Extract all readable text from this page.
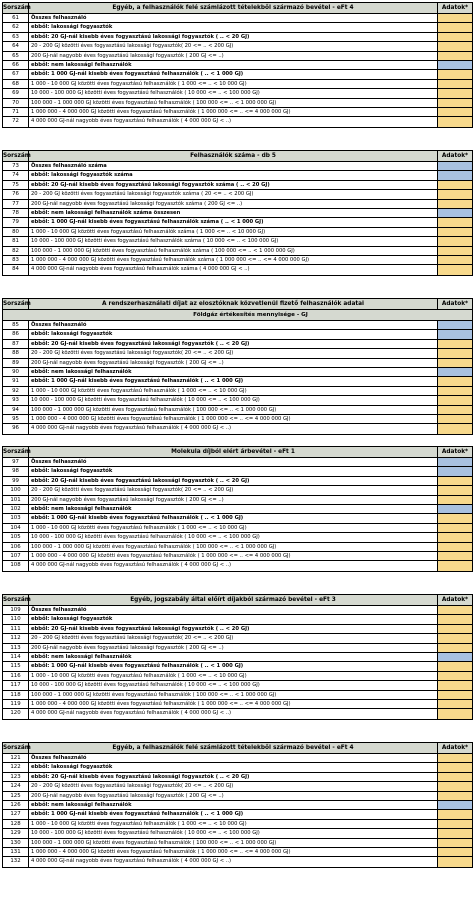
Sorszám	Egyéb, a felhasználók felé számlázott tételekből származó bevétel - eFt 4	Adatok*
61	Összes felhasználó
62	ebből: lakossági fogyasztók
63	ebből: 20 GJ-nál kisebb éves fogyasztású lakossági fogyasztók ( .. < 20 GJ)
64	20 - 200 GJ közötti éves fogyasztású lakossági fogyasztók( 20 <= .. < 200 GJ)
65	200 GJ-nál nagyobb éves fogyasztású lakossági fogyasztók ( 200 GJ <= ..)
66	ebből: nem lakossági felhasználók
67	ebből: 1 000 GJ-nál kisebb éves fogyasztású felhasználók ( .. < 1 000 GJ)
68	1 000 - 10 000 GJ közötti éves fogyasztású felhasználók ( 1 000 <= .. < 10 000 GJ)
69	10 000 - 100 000 GJ közötti éves fogyasztású felhasználók ( 10 000 <= .. < 100 000 GJ)
70	100 000 - 1 000 000 GJ közötti éves fogyasztású felhasználók ( 100 000 <= .. < 1 000 000 GJ)
71	1 000 000 - 4 000 000 GJ közötti éves fogyasztású felhasználók ( 1 000 000 <= .. <= 4 000 000 GJ)
72	4 000 000 GJ-nál nagyobb éves fogyasztású felhasználók ( 4 000 000 GJ < ..)
Sorszám	Felhasználók száma - db 5	Adatok*
73	Összes felhasználó száma
74	ebből: lakossági fogyasztók száma
75	ebből: 20 GJ-nál kisebb éves fogyasztású lakossági fogyasztók száma ( .. < 20 GJ)
76	20 - 200 GJ közötti éves fogyasztású lakossági fogyasztók száma ( 20 <= .. < 200 GJ)
77	200 GJ-nál nagyobb éves fogyasztású lakossági fogyasztók száma ( 200 GJ <= ..)
78	ebből: nem lakossági felhasználók száma összesen
79	ebből: 1 000 GJ-nál kisebb éves fogyasztású felhasználók száma ( .. < 1 000 GJ)
80	1 000 - 10 000 GJ közötti éves fogyasztású felhasználók száma ( 1 000 <= .. < 10 000 GJ)
81	10 000 - 100 000 GJ közötti éves fogyasztású felhasználók száma ( 10 000 <= .. < 100 000 GJ)
82	100 000 - 1 000 000 GJ közötti éves fogyasztású felhasználók száma ( 100 000 <= .. < 1 000 000 GJ)
83	1 000 000 - 4 000 000 GJ közötti éves fogyasztású felhasználók száma ( 1 000 000 <= .. <= 4 000 000 GJ)
84	4 000 000 GJ-nál nagyobb éves fogyasztású felhasználók száma ( 4 000 000 GJ < ..)
Sorszám	A rendszerhasználati díjat az elosztóknak közvetlenül fizető felhasználók adatai	Adatok*
Földgáz értékesítés mennyisége - GJ
85	Összes felhasználó
86	ebből: lakossági fogyasztók
87	ebből: 20 GJ-nál kisebb éves fogyasztású lakossági fogyasztók ( .. < 20 GJ)
88	20 - 200 GJ közötti éves fogyasztású lakossági fogyasztók( 20 <= .. < 200 GJ)
89	200 GJ-nál nagyobb éves fogyasztású lakossági fogyasztók ( 200 GJ <= ..)
90	ebből: nem lakossági felhasználók
91	ebből: 1 000 GJ-nál kisebb éves fogyasztású felhasználók ( .. < 1 000 GJ)
92	1 000 - 10 000 GJ közötti éves fogyasztású felhasználók ( 1 000 <= .. < 10 000 GJ)
93	10 000 - 100 000 GJ közötti éves fogyasztású felhasználók ( 10 000 <= .. < 100 000 GJ)
94	100 000 - 1 000 000 GJ közötti éves fogyasztású felhasználók ( 100 000 <= .. < 1 000 000 GJ)
95	1 000 000 - 4 000 000 GJ közötti éves fogyasztású felhasználók ( 1 000 000 <= .. <= 4 000 000 GJ)
96	4 000 000 GJ-nál nagyobb éves fogyasztású felhasználók ( 4 000 000 GJ < ..)
Sorszám	Molekula díjból elért árbevétel - eFt 1	Adatok*
97	Összes felhasználó
98	ebből: lakossági fogyasztók
99	ebből: 20 GJ-nál kisebb éves fogyasztású lakossági fogyasztók ( .. < 20 GJ)
100	20 - 200 GJ közötti éves fogyasztású lakossági fogyasztók( 20 <= .. < 200 GJ)
101	200 GJ-nál nagyobb éves fogyasztású lakossági fogyasztók ( 200 GJ <= ..)
102	ebből: nem lakossági felhasználók
103	ebből: 1 000 GJ-nál kisebb éves fogyasztású felhasználók ( .. < 1 000 GJ)
104	1 000 - 10 000 GJ közötti éves fogyasztású felhasználók ( 1 000 <= .. < 10 000 GJ)
105	10 000 - 100 000 GJ közötti éves fogyasztású felhasználók ( 10 000 <= .. < 100 000 GJ)
106	100 000 - 1 000 000 GJ közötti éves fogyasztású felhasználók ( 100 000 <= .. < 1 000 000 GJ)
107	1 000 000 - 4 000 000 GJ közötti éves fogyasztású felhasználók ( 1 000 000 <= .. <= 4 000 000 GJ)
108	4 000 000 GJ-nál nagyobb éves fogyasztású felhasználók ( 4 000 000 GJ < ..)
Sorszám	Egyéb, jogszabály által előírt díjakból származó bevétel - eFt 3	Adatok*
109	Összes felhasználó
110	ebből: lakossági fogyasztók
111	ebből: 20 GJ-nál kisebb éves fogyasztású lakossági fogyasztók ( .. < 20 GJ)
112	20 - 200 GJ közötti éves fogyasztású lakossági fogyasztók( 20 <= .. < 200 GJ)
113	200 GJ-nál nagyobb éves fogyasztású lakossági fogyasztók ( 200 GJ <= ..)
114	ebből: nem lakossági felhasználók
115	ebből: 1 000 GJ-nál kisebb éves fogyasztású felhasználók ( .. < 1 000 GJ)
116	1 000 - 10 000 GJ közötti éves fogyasztású felhasználók ( 1 000 <= .. < 10 000 GJ)
117	10 000 - 100 000 GJ közötti éves fogyasztású felhasználók ( 10 000 <= .. < 100 000 GJ)
118	100 000 - 1 000 000 GJ közötti éves fogyasztású felhasználók ( 100 000 <= .. < 1 000 000 GJ)
119	1 000 000 - 4 000 000 GJ közötti éves fogyasztású felhasználók ( 1 000 000 <= .. <= 4 000 000 GJ)
120	4 000 000 GJ-nál nagyobb éves fogyasztású felhasználók ( 4 000 000 GJ < ..)
Sorszám	Egyéb, a felhasználók felé számlázott tételekből származó bevétel - eFt 4	Adatok*
121	Összes felhasználó
122	ebből: lakossági fogyasztók
123	ebből: 20 GJ-nál kisebb éves fogyasztású lakossági fogyasztók ( .. < 20 GJ)
124	20 - 200 GJ közötti éves fogyasztású lakossági fogyasztók( 20 <= .. < 200 GJ)
125	200 GJ-nál nagyobb éves fogyasztású lakossági fogyasztók ( 200 GJ <= ..)
126	ebből: nem lakossági felhasználók
127	ebből: 1 000 GJ-nál kisebb éves fogyasztású felhasználók ( .. < 1 000 GJ)
128	1 000 - 10 000 GJ közötti éves fogyasztású felhasználók ( 1 000 <= .. < 10 000 GJ)
129	10 000 - 100 000 GJ közötti éves fogyasztású felhasználók ( 10 000 <= .. < 100 000 GJ)
130	100 000 - 1 000 000 GJ közötti éves fogyasztású felhasználók ( 100 000 <= .. < 1 000 000 GJ)
131	1 000 000 - 4 000 000 GJ közötti éves fogyasztású felhasználók ( 1 000 000 <= .. <= 4 000 000 GJ)
132	4 000 000 GJ-nál nagyobb éves fogyasztású felhasználók ( 4 000 000 GJ < ..)
